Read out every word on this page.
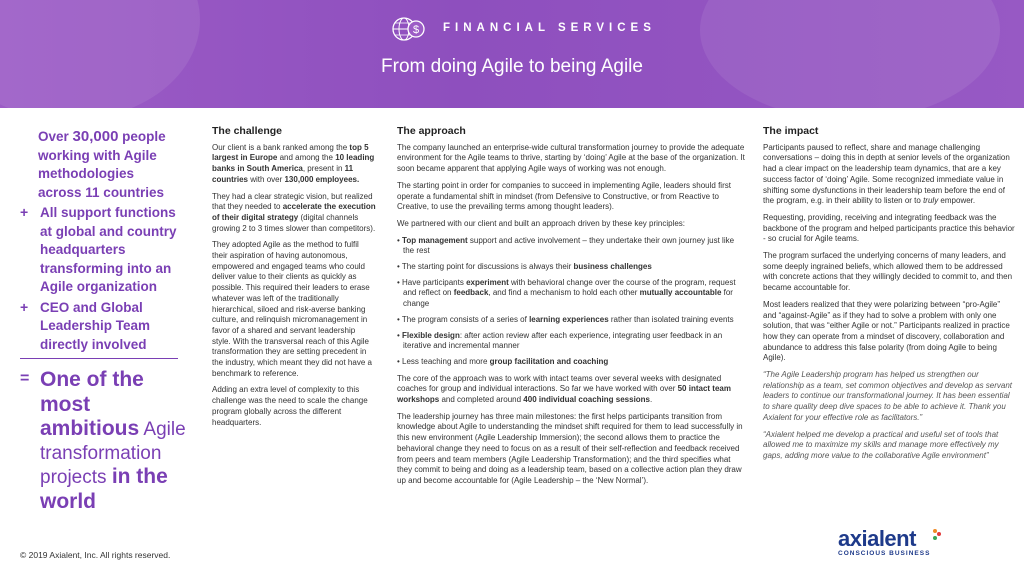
$ FINANCIAL SERVICES
From doing Agile to being Agile
Over 30,000 people working with Agile methodologies across 11 countries
+ All support functions at global and country headquarters transforming into an Agile organization
+ CEO and Global Leadership Team directly involved
= One of the most ambitious Agile transformation projects in the world
The challenge

Our client is a bank ranked among the top 5 largest in Europe and among the 10 leading banks in South America, present in 11 countries with over 130,000 employees.

They had a clear strategic vision, but realized that they needed to accelerate the execution of their digital strategy (digital channels growing 2 to 3 times slower than competitors).

They adopted Agile as the method to fulfil their aspiration of having autonomous, empowered and engaged teams who could deliver value to their clients as quickly as possible. This required their leaders to erase whatever was left of the traditionally hierarchical, siloed and risk-averse banking culture, and relinquish micromanagement in favor of a shared and servant leadership style. With the transversal reach of this Agile transformation they are setting precedent in the industry, which meant they did not have a benchmark to reference.

Adding an extra level of complexity to this challenge was the need to scale the change program globally across the different headquarters.

The approach

The company launched an enterprise-wide cultural transformation journey to provide the adequate environment for the Agile teams to thrive, starting by ‘doing’ Agile at the base of the organization. It soon became apparent that applying Agile ways of working was not enough.

The starting point in order for companies to succeed in implementing Agile, leaders should first operate a fundamental shift in mindset (from Defensive to Constructive, or from Reactive to Creative, to use the prevailing terms among thought leaders).

We partnered with our client and built an approach driven by these key principles:

• Top management support and active involvement – they undertake their own journey just like the rest
• The starting point for discussions is always their business challenges
• Have participants experiment with behavioral change over the course of the program, request and reflect on feedback, and find a mechanism to hold each other mutually accountable for change
• The program consists of a series of learning experiences rather than isolated training events
• Flexible design: after action review after each experience, integrating user feedback in an iterative and incremental manner
• Less teaching and more group facilitation and coaching

The core of the approach was to work with intact teams over several weeks with designated coaches for group and individual interactions. So far we have worked with over 50 intact team workshops and completed around 400 individual coaching sessions.

The leadership journey has three main milestones: the first helps participants transition from knowledge about Agile to understanding the mindset shift required for them to lead successfully in this new environment (Agile Leadership Immersion); the second allows them to practice the behavioral change they need to focus on as a result of their self-reflection and feedback received from peers and team members (Agile Leadership Transformation); and the third specifies what they commit to being and doing as a leadership team, based on a collective action plan they draw up and become accountable for (Agile Leadership – the ‘New Normal’).

The impact

Participants paused to reflect, share and manage challenging conversations – doing this in depth at senior levels of the organization had a clear impact on the leadership team dynamics, that are a key success factor of ‘doing’ Agile. Some recognized immediate value in shifting some dysfunctions in their leadership team before the end of the program, e.g. in their ability to listen or to truly empower.

Requesting, providing, receiving and integrating feedback was the backbone of the program and helped participants practice this behavior - so crucial for Agile teams.

The program surfaced the underlying concerns of many leaders, and some deeply ingrained beliefs, which allowed them to be addressed with concrete actions that they willingly decided to commit to, and then became accountable for.

Most leaders realized that they were polarizing between “pro-Agile” and “against-Agile” as if they had to solve a problem with only one solution, that was “either Agile or not.” Participants realized in practice how they can operate from a mindset of discovery, collaboration and abundance to address this false polarity (from doing Agile to being Agile).

“The Agile Leadership program has helped us strengthen our relationship as a team, set common objectives and develop as servant leaders to continue our transformational journey. It has been essential to share quality deep dive spaces to be able to achieve it. Thank you Axialent for your effective role as facilitators.”

“Axialent helped me develop a practical and useful set of tools that allowed me to maximize my skills and manage more effectively my gaps, adding more value to the collaborative Agile environment”

© 2019 Axialent, Inc. All rights reserved.
axialent
CONSCIOUS BUSINESS
